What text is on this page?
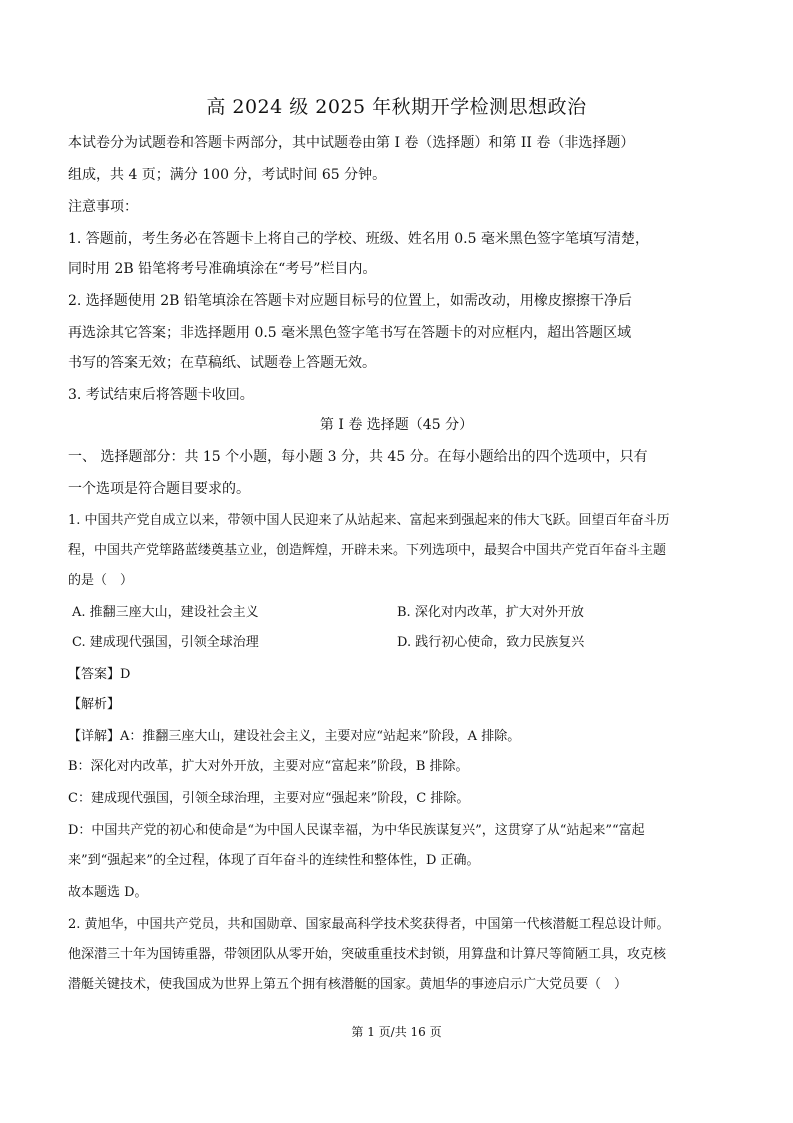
高 2024 级 2025 年秋期开学检测思想政治
本试卷分为试题卷和答题卡两部分，其中试题卷由第 I 卷（选择题）和第 II 卷（非选择题）
组成，共 4 页；满分 100 分，考试时间 65 分钟。
注意事项：
1. 答题前，考生务必在答题卡上将自己的学校、班级、姓名用 0.5 毫米黑色签字笔填写清楚，
同时用 2B 铅笔将考号准确填涂在“考号”栏目内。
2. 选择题使用 2B 铅笔填涂在答题卡对应题目标号的位置上，如需改动，用橡皮擦擦干净后
再选涂其它答案；非选择题用 0.5 毫米黑色签字笔书写在答题卡的对应框内，超出答题区域
书写的答案无效；在草稿纸、试题卷上答题无效。
3. 考试结束后将答题卡收回。
第 I 卷 选择题（45 分）
一、 选择题部分：共 15 个小题，每小题 3 分，共 45 分。在每小题给出的四个选项中，只有
一个选项是符合题目要求的。
1. 中国共产党自成立以来，带领中国人民迎来了从站起来、富起来到强起来的伟大飞跃。回望百年奋斗历
程，中国共产党筚路蓝缕奠基立业，创造辉煌，开辟未来。下列选项中，最契合中国共产党百年奋斗主题
的是（　）
A. 推翻三座大山，建设社会主义	B. 深化对内改革，扩大对外开放
C. 建成现代强国，引领全球治理	D. 践行初心使命，致力民族复兴
【答案】D
【解析】
【详解】A：推翻三座大山，建设社会主义，主要对应“站起来”阶段，A 排除。
B：深化对内改革，扩大对外开放，主要对应“富起来”阶段，B 排除。
C：建成现代强国，引领全球治理，主要对应“强起来”阶段，C 排除。
D：中国共产党的初心和使命是“为中国人民谋幸福，为中华民族谋复兴”，这贯穿了从“站起来”“富起
来”到“强起来”的全过程，体现了百年奋斗的连续性和整体性，D 正确。
故本题选 D。
2. 黄旭华，中国共产党员，共和国勋章、国家最高科学技术奖获得者，中国第一代核潜艇工程总设计师。
他深潜三十年为国铸重器，带领团队从零开始，突破重重技术封锁，用算盘和计算尺等简陋工具，攻克核
潜艇关键技术，使我国成为世界上第五个拥有核潜艇的国家。黄旭华的事迹启示广大党员要（　）
第 1 页/共 16 页
